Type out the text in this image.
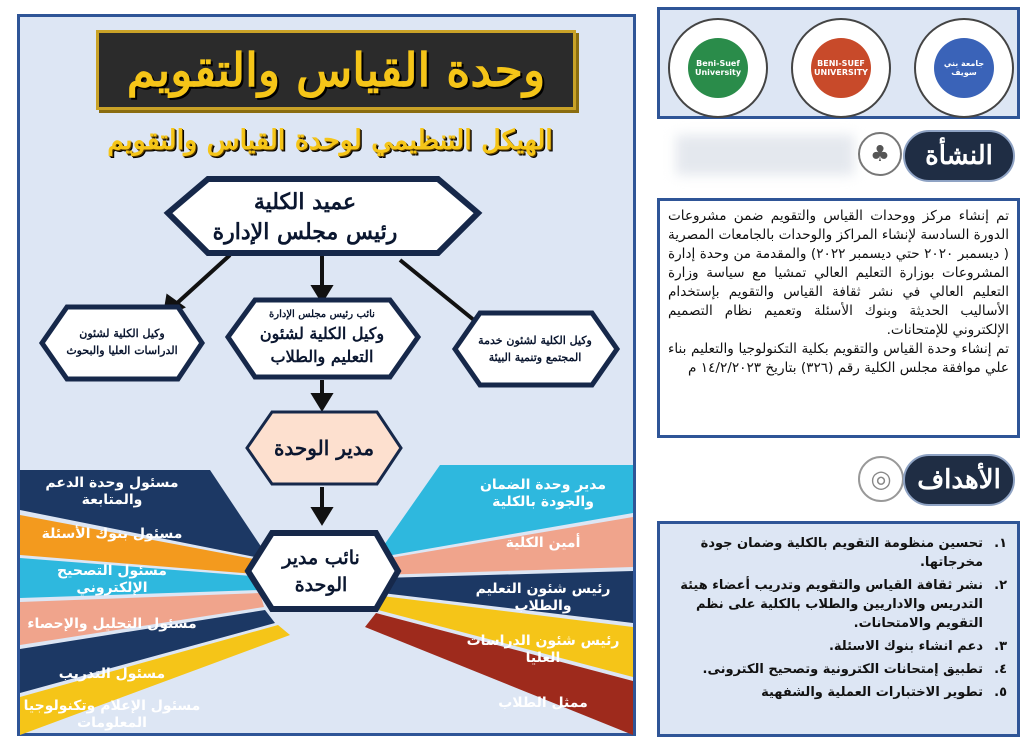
وحدة القياس والتقويم
الهيكل التنظيمي لوحدة القياس والتقويم
عميد الكلية
رئيس مجلس الإدارة
نائب رئيس مجلس الإدارة
وكيل الكلية لشئون
التعليم والطلاب
وكيل الكلية لشئون
الدراسات العليا والبحوث
وكيل الكلية لشئون خدمة
المجتمع وتنمية البيئة
مدير الوحدة
نائب مدير
الوحدة
مسئول وحدة الدعم والمتابعة
مسئول بنوك الأسئلة
مسئول التصحيح الإلكتروني
مسئول التحليل والإحصاء
مسئول التدريب
مسئول الإعلام وتكنولوجيا المعلومات
مدير وحدة الضمان والجودة بالكلية
أمين الكلية
رئيس شئون التعليم والطلاب
رئيس شئون الدراسات العليا
ممثل الطلاب
جامعة بني سويف
BENI-SUEF UNIVERSITY
Beni-Suef University
♣	النشأة
تم إنشاء مركز ووحدات القياس والتقويم ضمن مشروعات الدورة السادسة لإنشاء المراكز والوحدات بالجامعات المصرية ( ديسمبر ٢٠٢٠ حتي ديسمبر ٢٠٢٢) والمقدمة من وحدة إدارة المشروعات بوزارة التعليم العالي تمشيا مع سياسة وزارة التعليم العالي في نشر ثقافة القياس والتقويم بإستخدام الأساليب الحديثة وبنوك الأسئلة وتعميم نظام التصميم الإلكتروني للإمتحانات.
تم إنشاء وحدة القياس والتقويم بكلية التكنولوجيا والتعليم بناء علي موافقة مجلس الكلية رقم (٣٢٦) بتاريخ ١٤/٢/٢٠٢٣ م
◎ الأهداف
١.
تحسين منظومة التقويم بالكلية وضمان جودة مخرجاتها.
٢.
نشر ثقافة القياس والتقويم وتدريب أعضاء هيئة التدريس والاداريين والطلاب بالكلية على نظم التقويم والامتحانات.
٣.
دعم انشاء بنوك الاسئلة.
٤.
تطبيق إمتحانات الكترونية وتصحيح الكترونى.
٥.
تطوير الاختبارات العملية والشفهية
